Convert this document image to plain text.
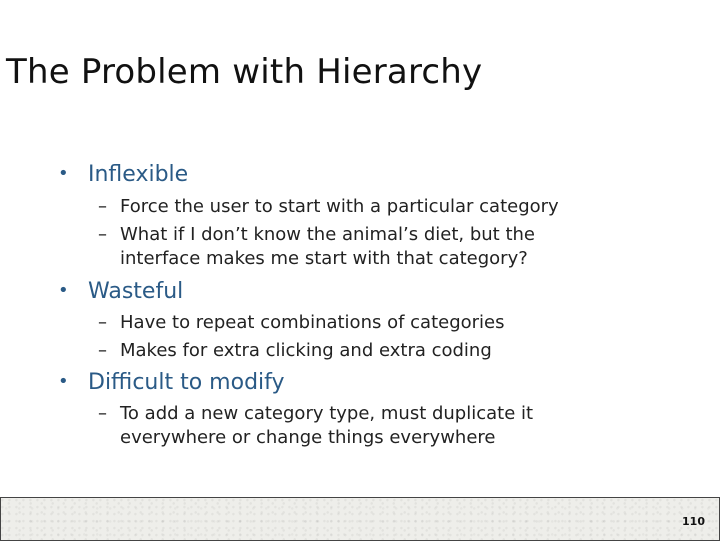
The Problem with Hierarchy
• Inflexible
– Force the user to start with a particular category
– What if I don’t know the animal’s diet, but the
interface makes me start with that category?
• Wasteful
– Have to repeat combinations of categories
– Makes for extra clicking and extra coding
• Difficult to modify
– To add a new category type, must duplicate it
everywhere or change things everywhere
110
